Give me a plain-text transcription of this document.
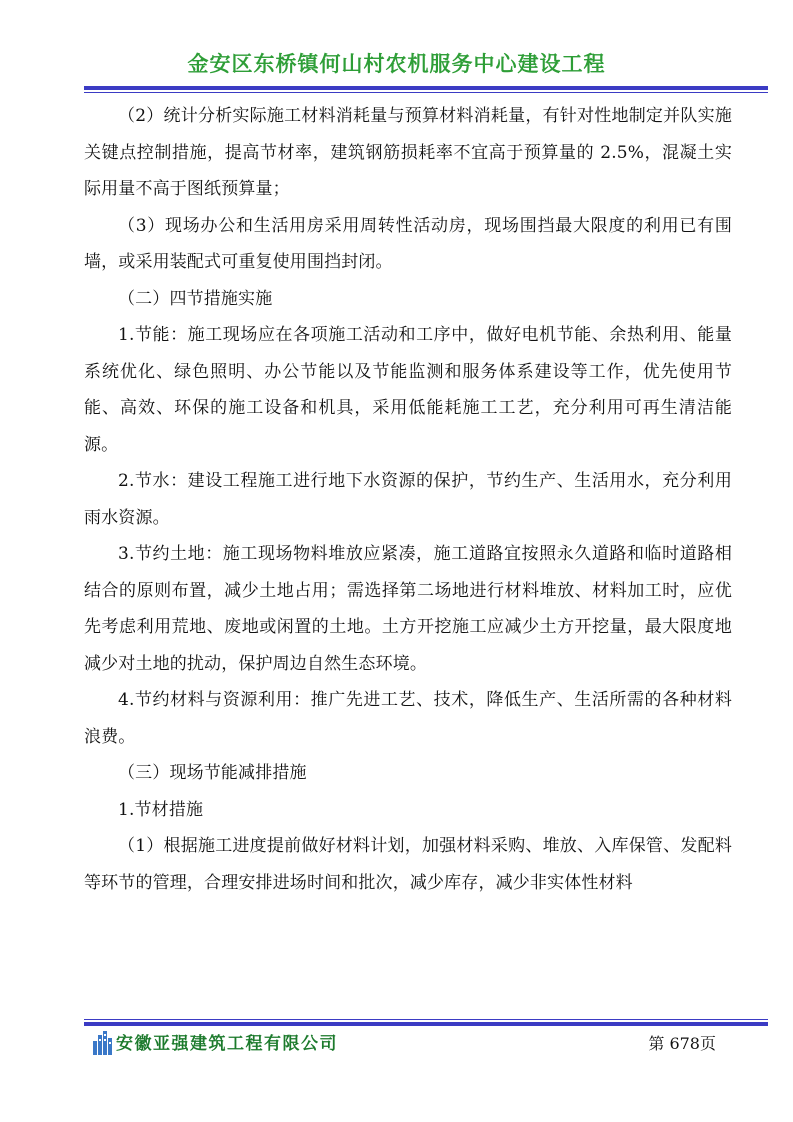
金安区东桥镇何山村农机服务中心建设工程

（2）统计分析实际施工材料消耗量与预算材料消耗量，有针对性地制定并队实施关键点控制措施，提高节材率，建筑钢筋损耗率不宜高于预算量的 2.5%，混凝土实际用量不高于图纸预算量；

（3）现场办公和生活用房采用周转性活动房，现场围挡最大限度的利用已有围墙，或采用装配式可重复使用围挡封闭。

（二）四节措施实施

1.节能：施工现场应在各项施工活动和工序中，做好电机节能、余热利用、能量系统优化、绿色照明、办公节能以及节能监测和服务体系建设等工作，优先使用节能、高效、环保的施工设备和机具，采用低能耗施工工艺，充分利用可再生清洁能源。

2.节水：建设工程施工进行地下水资源的保护，节约生产、生活用水，充分利用雨水资源。

3.节约土地：施工现场物料堆放应紧凑，施工道路宜按照永久道路和临时道路相结合的原则布置，减少土地占用；需选择第二场地进行材料堆放、材料加工时，应优先考虑利用荒地、废地或闲置的土地。土方开挖施工应减少土方开挖量，最大限度地减少对土地的扰动，保护周边自然生态环境。

4.节约材料与资源利用：推广先进工艺、技术，降低生产、生活所需的各种材料浪费。

（三）现场节能减排措施

1.节材措施

（1）根据施工进度提前做好材料计划，加强材料采购、堆放、入库保管、发配料等环节的管理，合理安排进场时间和批次，减少库存，减少非实体性材料

安徽亚强建筑工程有限公司	第 678页
